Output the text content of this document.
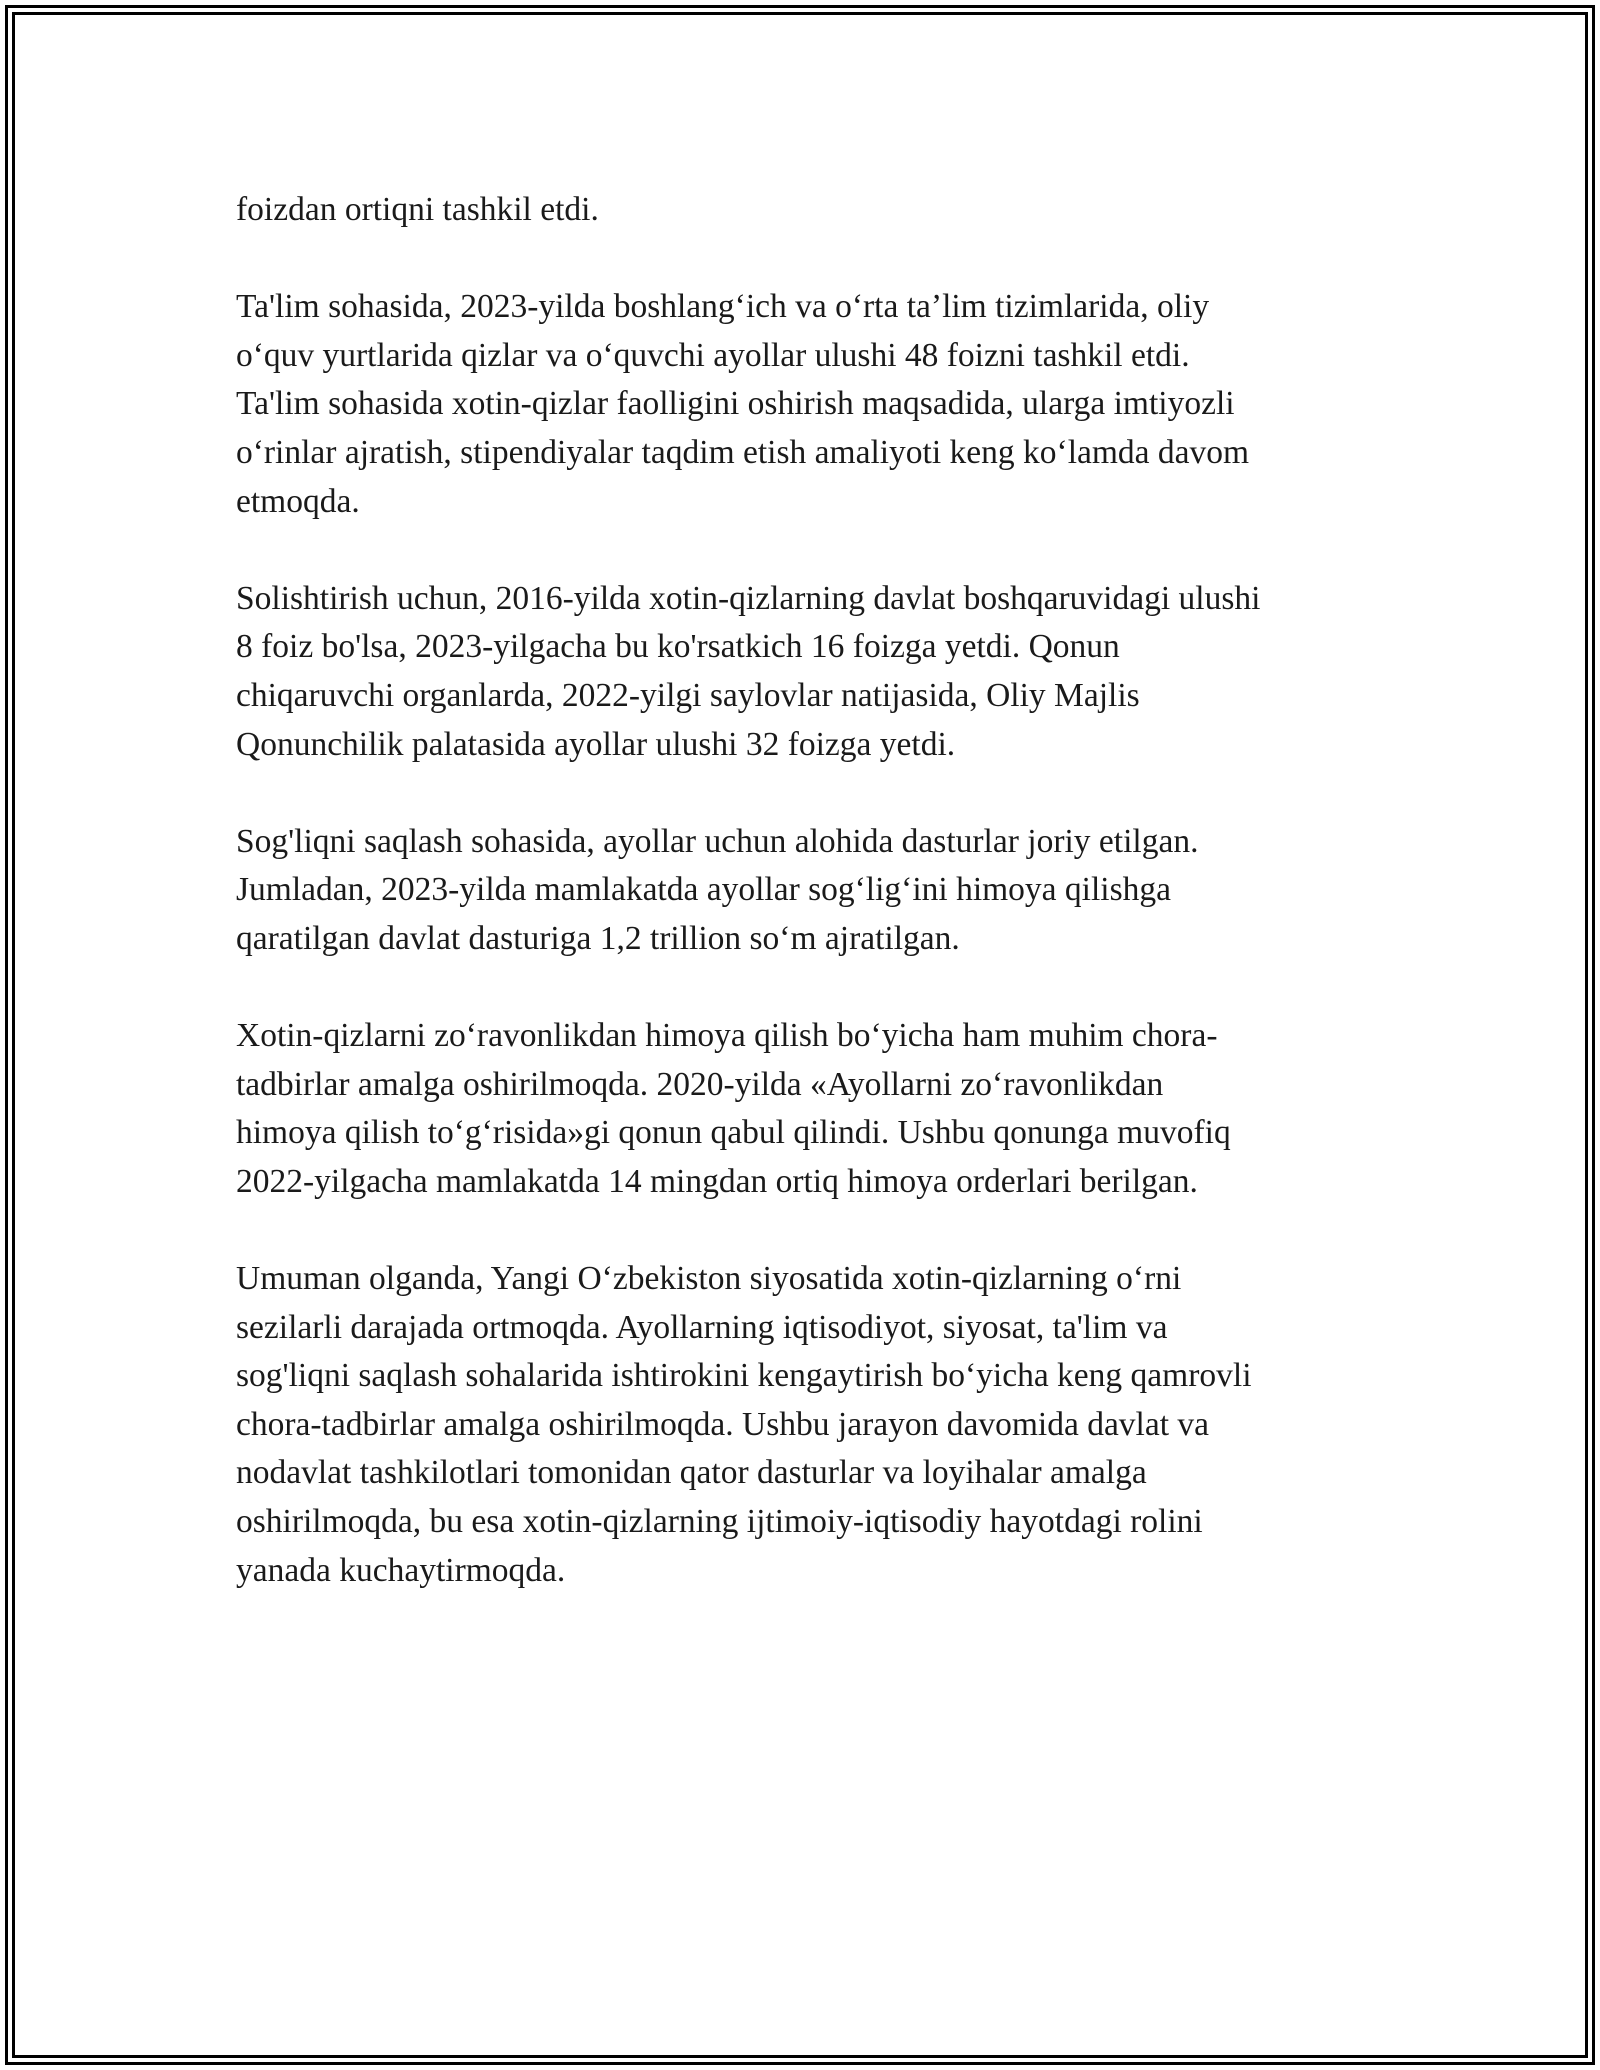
foizdan ortiqni tashkil etdi.

Ta'lim sohasida, 2023-yilda boshlang‘ich va o‘rta ta’lim tizimlarida, oliy
o‘quv yurtlarida qizlar va o‘quvchi ayollar ulushi 48 foizni tashkil etdi.
Ta'lim sohasida xotin-qizlar faolligini oshirish maqsadida, ularga imtiyozli
o‘rinlar ajratish, stipendiyalar taqdim etish amaliyoti keng ko‘lamda davom
etmoqda.

Solishtirish uchun, 2016-yilda xotin-qizlarning davlat boshqaruvidagi ulushi
8 foiz bo'lsa, 2023-yilgacha bu ko'rsatkich 16 foizga yetdi. Qonun
chiqaruvchi organlarda, 2022-yilgi saylovlar natijasida, Oliy Majlis
Qonunchilik palatasida ayollar ulushi 32 foizga yetdi.

Sog'liqni saqlash sohasida, ayollar uchun alohida dasturlar joriy etilgan.
Jumladan, 2023-yilda mamlakatda ayollar sog‘lig‘ini himoya qilishga
qaratilgan davlat dasturiga 1,2 trillion so‘m ajratilgan.

Xotin-qizlarni zo‘ravonlikdan himoya qilish bo‘yicha ham muhim chora-
tadbirlar amalga oshirilmoqda. 2020-yilda «Ayollarni zo‘ravonlikdan
himoya qilish to‘g‘risida»gi qonun qabul qilindi. Ushbu qonunga muvofiq
2022-yilgacha mamlakatda 14 mingdan ortiq himoya orderlari berilgan.

Umuman olganda, Yangi O‘zbekiston siyosatida xotin-qizlarning o‘rni
sezilarli darajada ortmoqda. Ayollarning iqtisodiyot, siyosat, ta'lim va
sog'liqni saqlash sohalarida ishtirokini kengaytirish bo‘yicha keng qamrovli
chora-tadbirlar amalga oshirilmoqda. Ushbu jarayon davomida davlat va
nodavlat tashkilotlari tomonidan qator dasturlar va loyihalar amalga
oshirilmoqda, bu esa xotin-qizlarning ijtimoiy-iqtisodiy hayotdagi rolini
yanada kuchaytirmoqda.
